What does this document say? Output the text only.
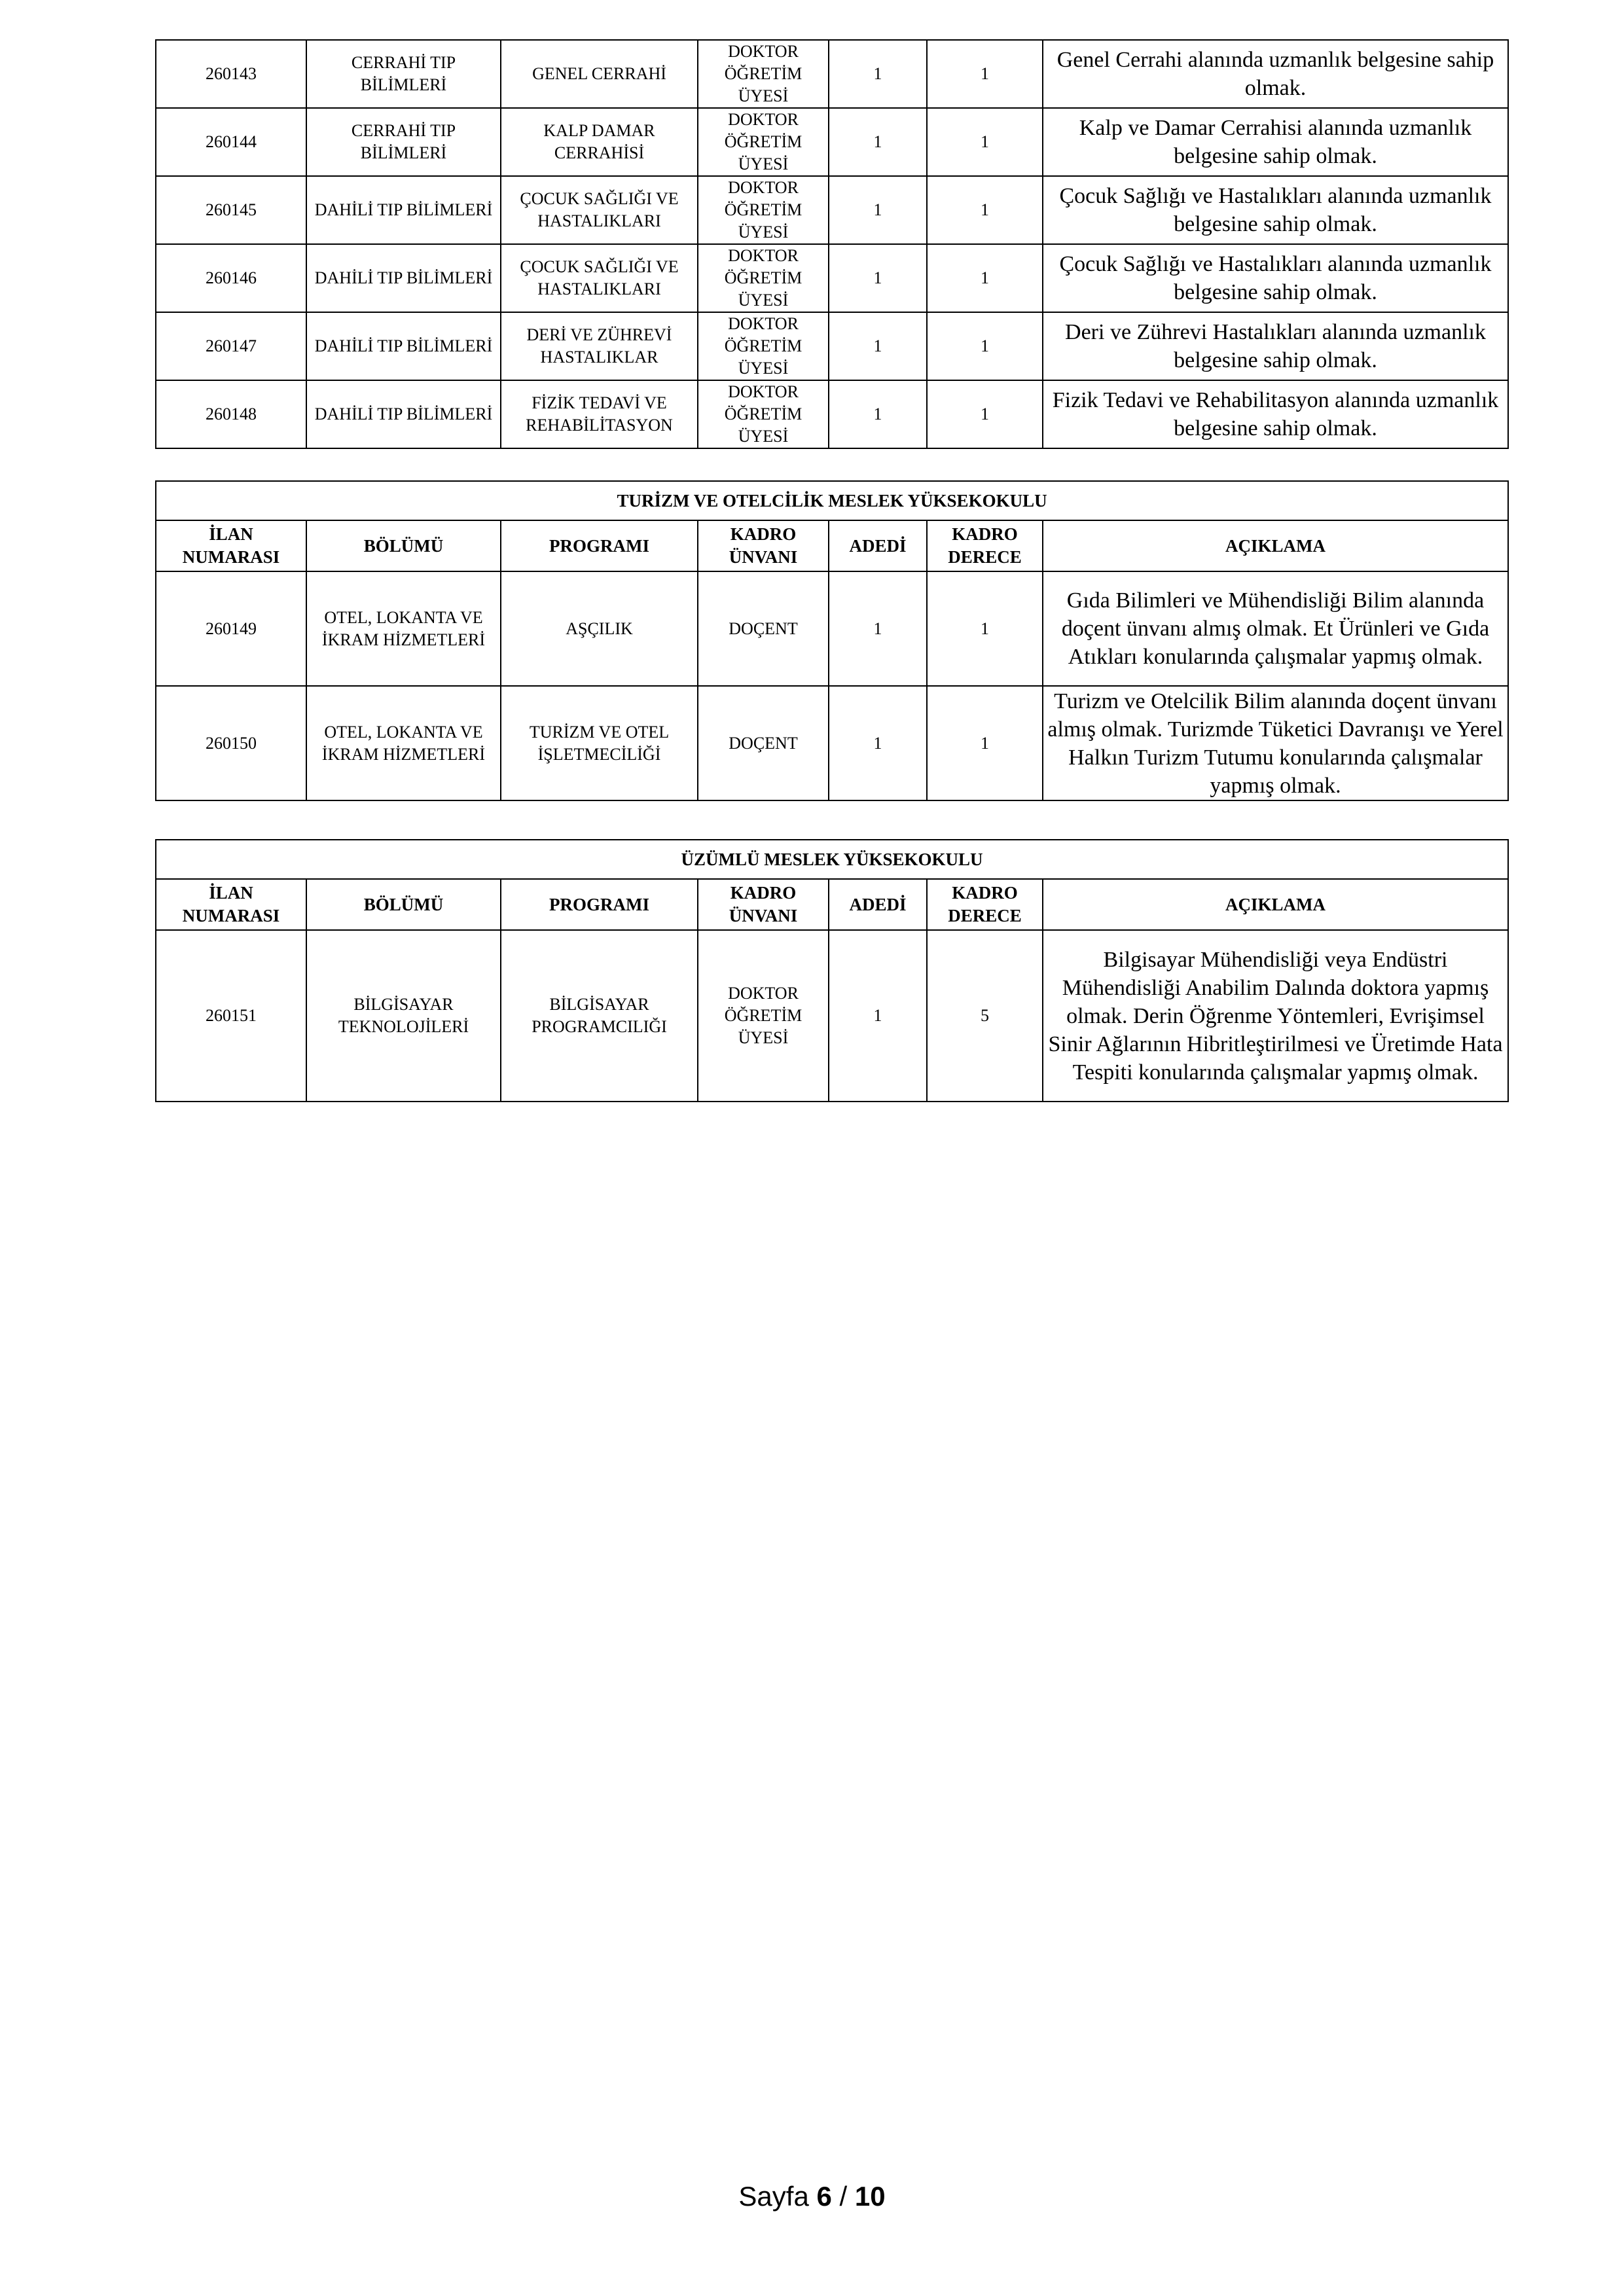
260143	CERRAHİ TIP BİLİMLERİ	GENEL CERRAHİ	DOKTOR ÖĞRETİM ÜYESİ	1	1	Genel Cerrahi alanında uzmanlık belgesine sahip olmak.
260144	CERRAHİ TIP BİLİMLERİ	KALP DAMAR CERRAHİSİ	DOKTOR ÖĞRETİM ÜYESİ	1	1	Kalp ve Damar Cerrahisi alanında uzmanlık belgesine sahip olmak.
260145	DAHİLİ TIP BİLİMLERİ	ÇOCUK SAĞLIĞI VE HASTALIKLARI	DOKTOR ÖĞRETİM ÜYESİ	1	1	Çocuk Sağlığı ve Hastalıkları alanında uzmanlık belgesine sahip olmak.
260146	DAHİLİ TIP BİLİMLERİ	ÇOCUK SAĞLIĞI VE HASTALIKLARI	DOKTOR ÖĞRETİM ÜYESİ	1	1	Çocuk Sağlığı ve Hastalıkları alanında uzmanlık belgesine sahip olmak.
260147	DAHİLİ TIP BİLİMLERİ	DERİ VE ZÜHREVİ HASTALIKLAR	DOKTOR ÖĞRETİM ÜYESİ	1	1	Deri ve Zührevi Hastalıkları alanında uzmanlık belgesine sahip olmak.
260148	DAHİLİ TIP BİLİMLERİ	FİZİK TEDAVİ VE REHABİLİTASYON	DOKTOR ÖĞRETİM ÜYESİ	1	1	Fizik Tedavi ve Rehabilitasyon alanında uzmanlık belgesine sahip olmak.
TURİZM VE OTELCİLİK MESLEK YÜKSEKOKULU						
İLAN NUMARASI	BÖLÜMÜ	PROGRAMI	KADRO ÜNVANI	ADEDİ	KADRO DERECE	AÇIKLAMA
260149	OTEL, LOKANTA VE İKRAM HİZMETLERİ	AŞÇILIK	DOÇENT	1	1	Gıda Bilimleri ve Mühendisliği Bilim alanında doçent ünvanı almış olmak. Et Ürünleri ve Gıda Atıkları konularında çalışmalar yapmış olmak.
260150	OTEL, LOKANTA VE İKRAM HİZMETLERİ	TURİZM VE OTEL İŞLETMECİLİĞİ	DOÇENT	1	1	Turizm ve Otelcilik Bilim alanında doçent ünvanı almış olmak. Turizmde Tüketici Davranışı ve Yerel Halkın Turizm Tutumu konularında çalışmalar yapmış olmak.
ÜZÜMLÜ MESLEK YÜKSEKOKULU						
İLAN NUMARASI	BÖLÜMÜ	PROGRAMI	KADRO ÜNVANI	ADEDİ	KADRO DERECE	AÇIKLAMA
260151	BİLGİSAYAR TEKNOLOJİLERİ	BİLGİSAYAR PROGRAMCILIĞI	DOKTOR ÖĞRETİM ÜYESİ	1	5	Bilgisayar Mühendisliği veya Endüstri Mühendisliği Anabilim Dalında doktora yapmış olmak. Derin Öğrenme Yöntemleri, Evrişimsel Sinir Ağlarının Hibritleştirilmesi ve Üretimde Hata Tespiti konularında çalışmalar yapmış olmak.
Sayfa 6 / 10
